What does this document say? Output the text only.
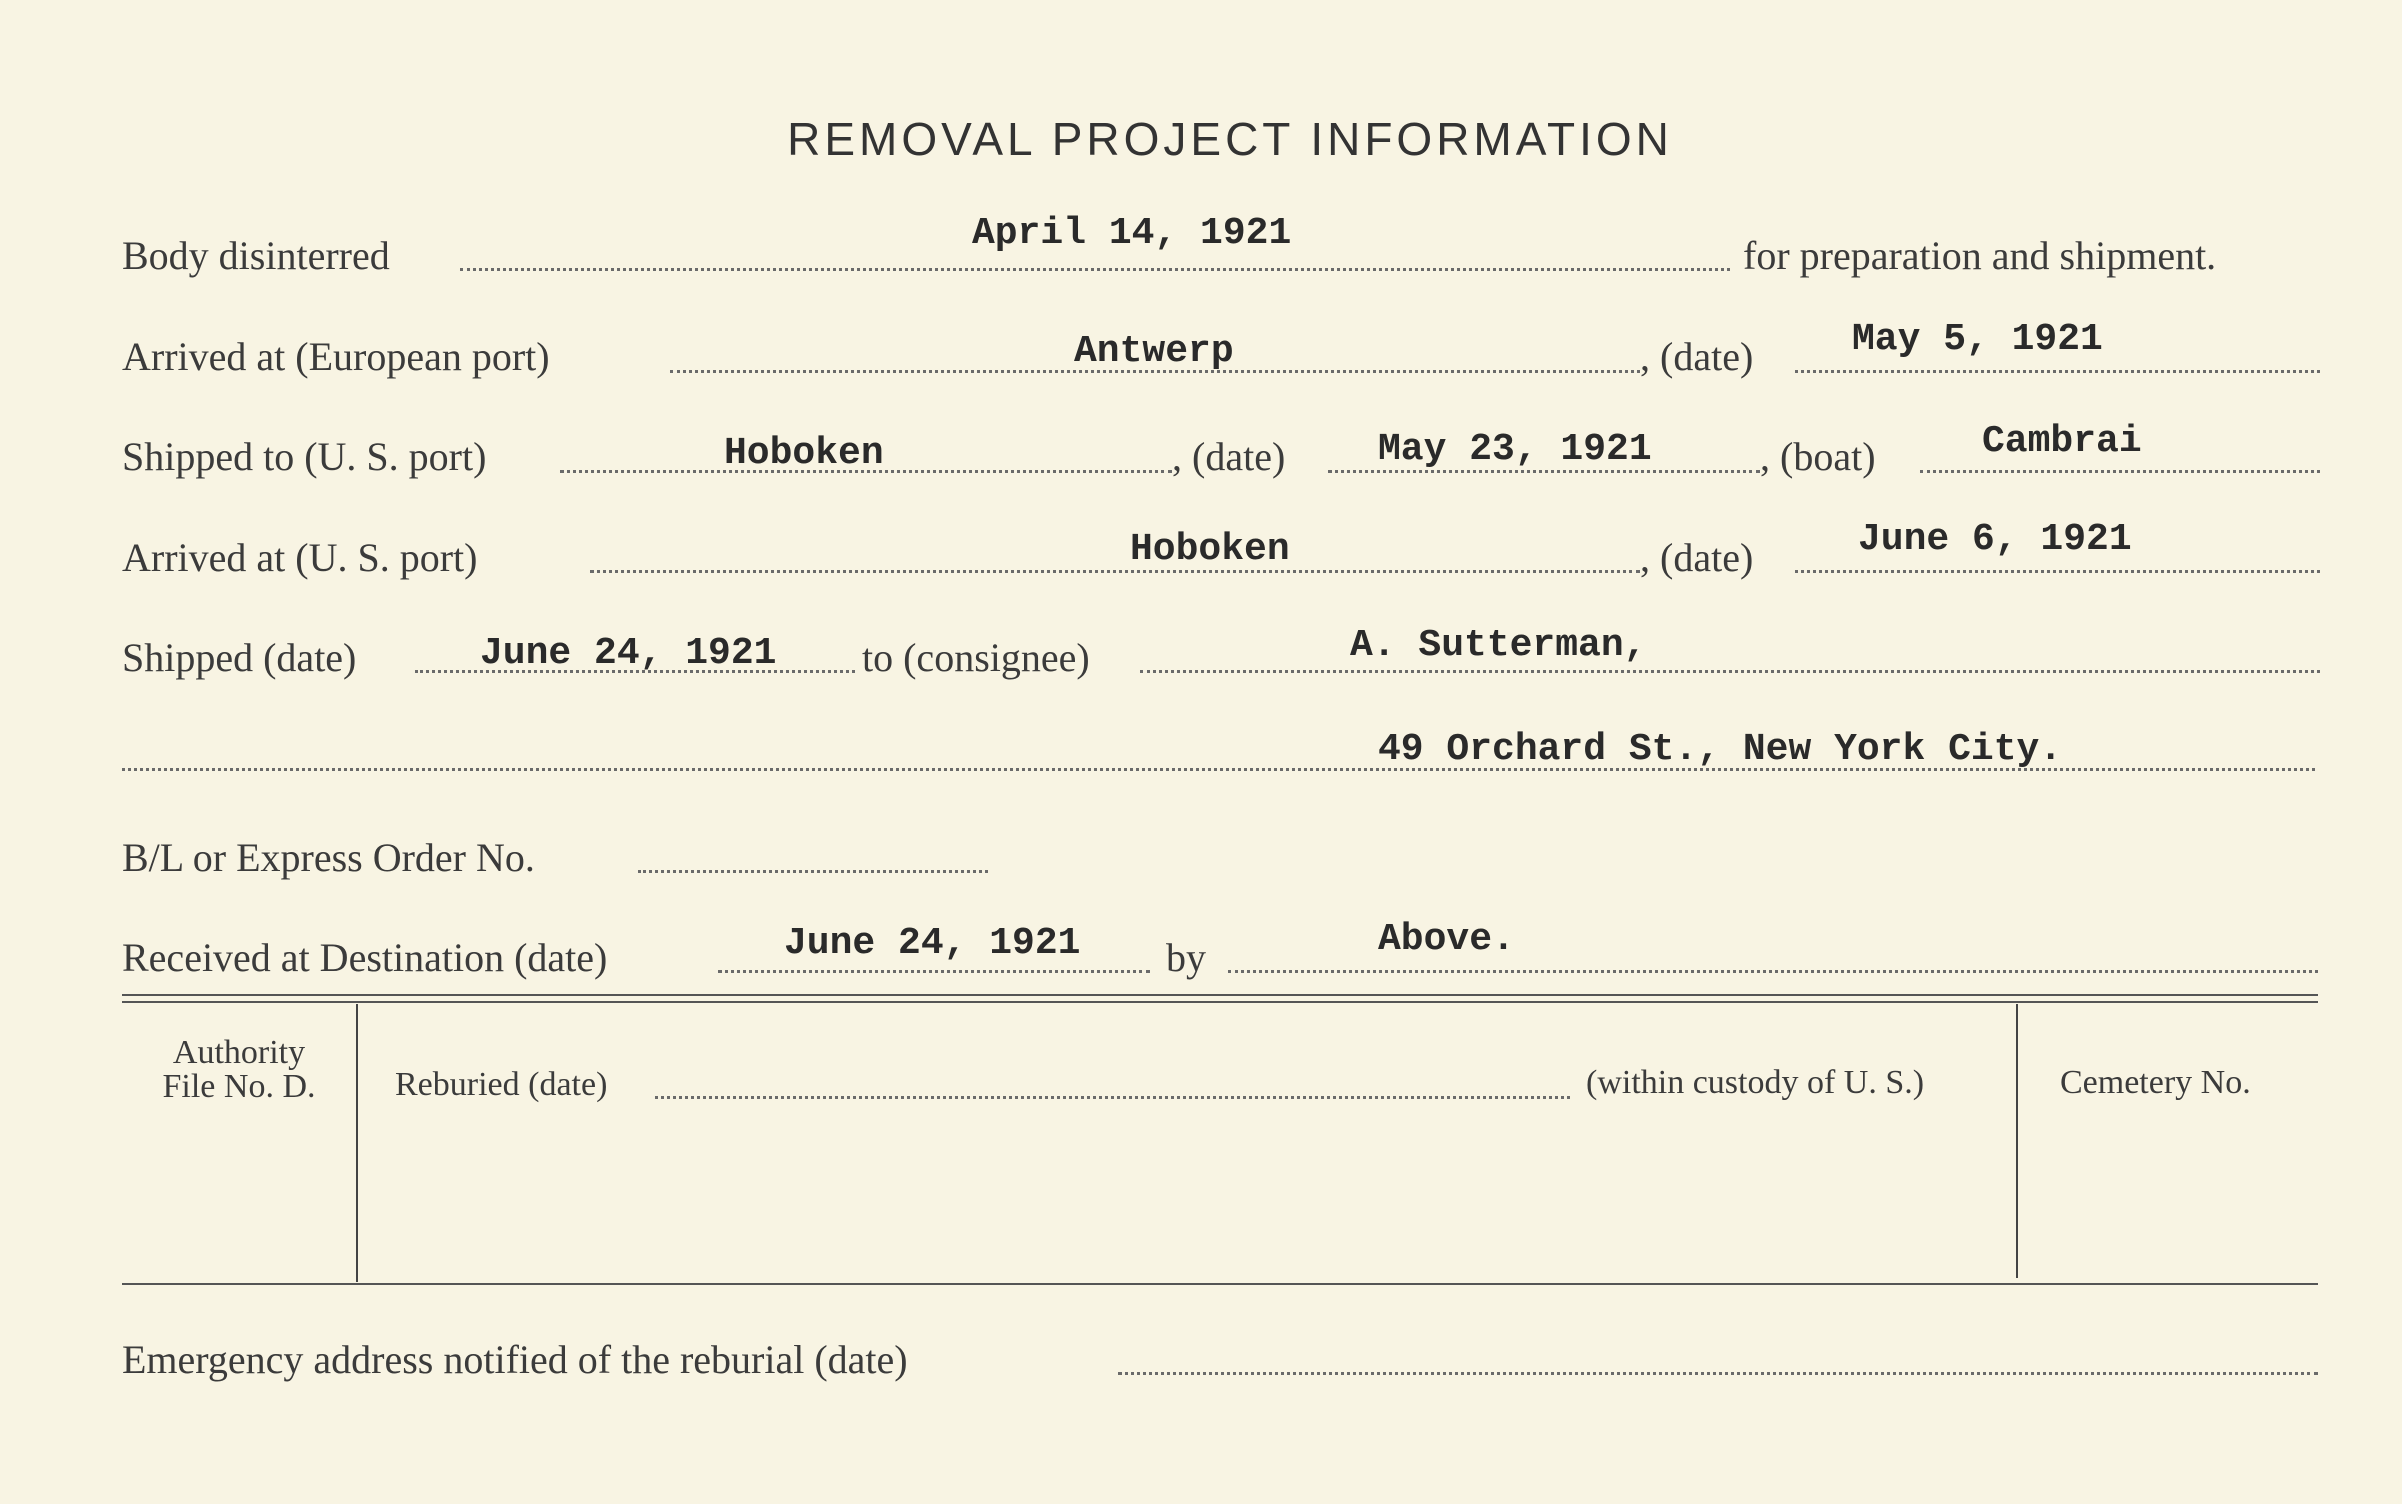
REMOVAL PROJECT INFORMATION
Body disinterred	April 14, 1921	for preparation and shipment.
Arrived at (European port)	Antwerp	, (date)	May 5, 1921
Shipped to (U. S. port)	Hoboken	, (date) May 23, 1921	, (boat)	Cambrai
Arrived at (U. S. port)	Hoboken	, (date)	June 6, 1921
Shipped (date)	June 24, 1921 to (consignee)	A. Sutterman,
49 Orchard St., New York City.
B/L or Express Order No.
Received at Destination (date)	June 24, 1921 by	Above.
Authority
File No. D.	Reburied (date)	(within custody of U. S.)	Cemetery No.
Emergency address notified of the reburial (date)
